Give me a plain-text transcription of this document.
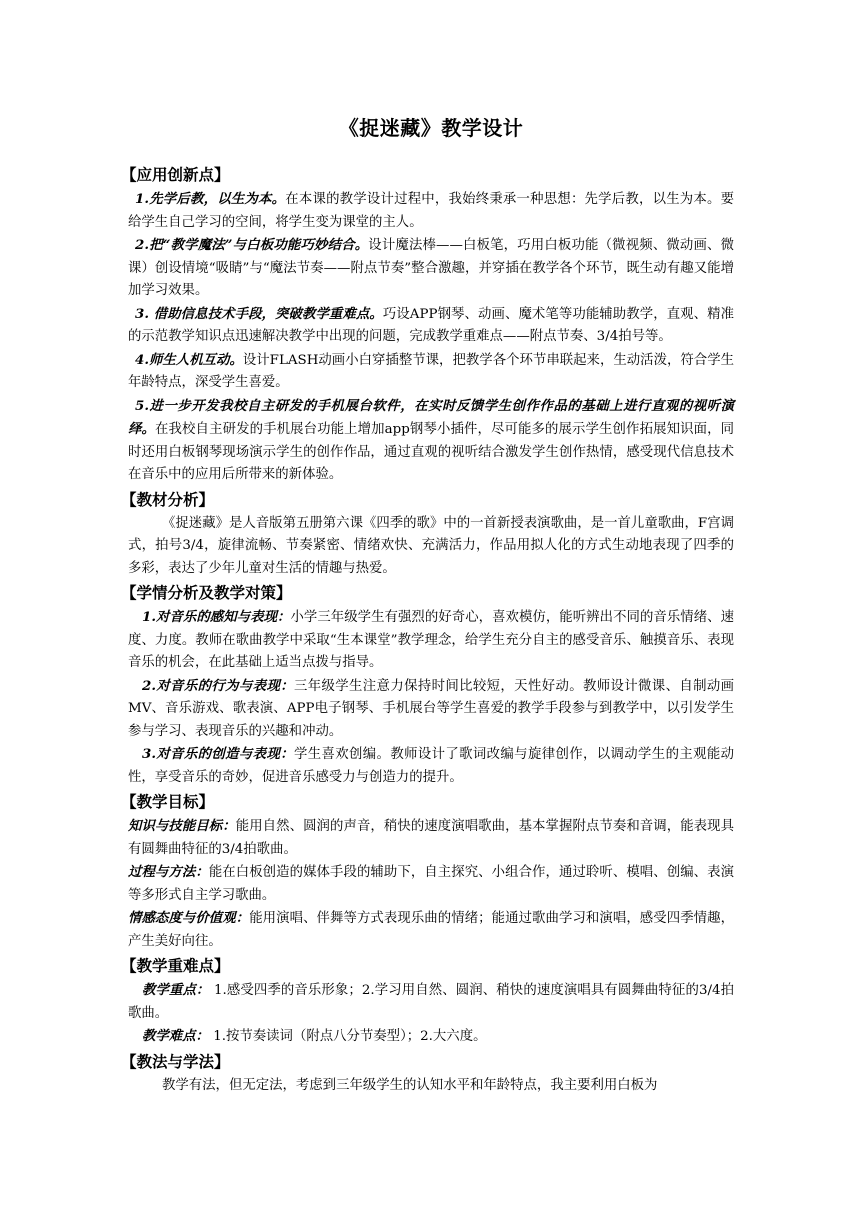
《捉迷藏》教学设计
【应用创新点】

1.先学后教，以生为本。在本课的教学设计过程中，我始终秉承一种思想：先学后教，以生为本。要给学生自己学习的空间，将学生变为课堂的主人。

2.把“教学魔法”与白板功能巧妙结合。设计魔法棒——白板笔，巧用白板功能（微视频、微动画、微课）创设情境“吸睛”与“魔法节奏——附点节奏”整合激趣，并穿插在教学各个环节，既生动有趣又能增加学习效果。

3. 借助信息技术手段，突破教学重难点。巧设APP钢琴、动画、魔术笔等功能辅助教学，直观、精准的示范教学知识点迅速解决教学中出现的问题，完成教学重难点——附点节奏、3/4拍号等。

4.师生人机互动。设计FLASH动画小白穿插整节课，把教学各个环节串联起来，生动活泼，符合学生年龄特点，深受学生喜爱。

5.进一步开发我校自主研发的手机展台软件，在实时反馈学生创作作品的基础上进行直观的视听演绎。在我校自主研发的手机展台功能上增加app钢琴小插件，尽可能多的展示学生创作拓展知识面，同时还用白板钢琴现场演示学生的创作作品，通过直观的视听结合激发学生创作热情，感受现代信息技术在音乐中的应用后所带来的新体验。

【教材分析】

《捉迷藏》是人音版第五册第六课《四季的歌》中的一首新授表演歌曲，是一首儿童歌曲，F宫调式，拍号3/4，旋律流畅、节奏紧密、情绪欢快、充满活力，作品用拟人化的方式生动地表现了四季的多彩，表达了少年儿童对生活的情趣与热爱。

【学情分析及教学对策】

1.对音乐的感知与表现：小学三年级学生有强烈的好奇心，喜欢模仿，能听辨出不同的音乐情绪、速度、力度。教师在歌曲教学中采取“生本课堂”教学理念，给学生充分自主的感受音乐、触摸音乐、表现音乐的机会，在此基础上适当点拨与指导。

2.对音乐的行为与表现：三年级学生注意力保持时间比较短，天性好动。教师设计微课、自制动画MV、音乐游戏、歌表演、APP电子钢琴、手机展台等学生喜爱的教学手段参与到教学中，以引发学生参与学习、表现音乐的兴趣和冲动。

3.对音乐的创造与表现：学生喜欢创编。教师设计了歌词改编与旋律创作，以调动学生的主观能动性，享受音乐的奇妙，促进音乐感受力与创造力的提升。

【教学目标】

知识与技能目标：能用自然、圆润的声音，稍快的速度演唱歌曲，基本掌握附点节奏和音调，能表现具有圆舞曲特征的3/4拍歌曲。

过程与方法：能在白板创造的媒体手段的辅助下，自主探究、小组合作，通过聆听、模唱、创编、表演等多形式自主学习歌曲。

情感态度与价值观：能用演唱、伴舞等方式表现乐曲的情绪；能通过歌曲学习和演唱，感受四季情趣，产生美好向往。

【教学重难点】

教学重点： 1.感受四季的音乐形象；2.学习用自然、圆润、稍快的速度演唱具有圆舞曲特征的3/4拍歌曲。

教学难点： 1.按节奏读词（附点八分节奏型）；2.大六度。

【教法与学法】

教学有法，但无定法，考虑到三年级学生的认知水平和年龄特点，我主要利用白板为
